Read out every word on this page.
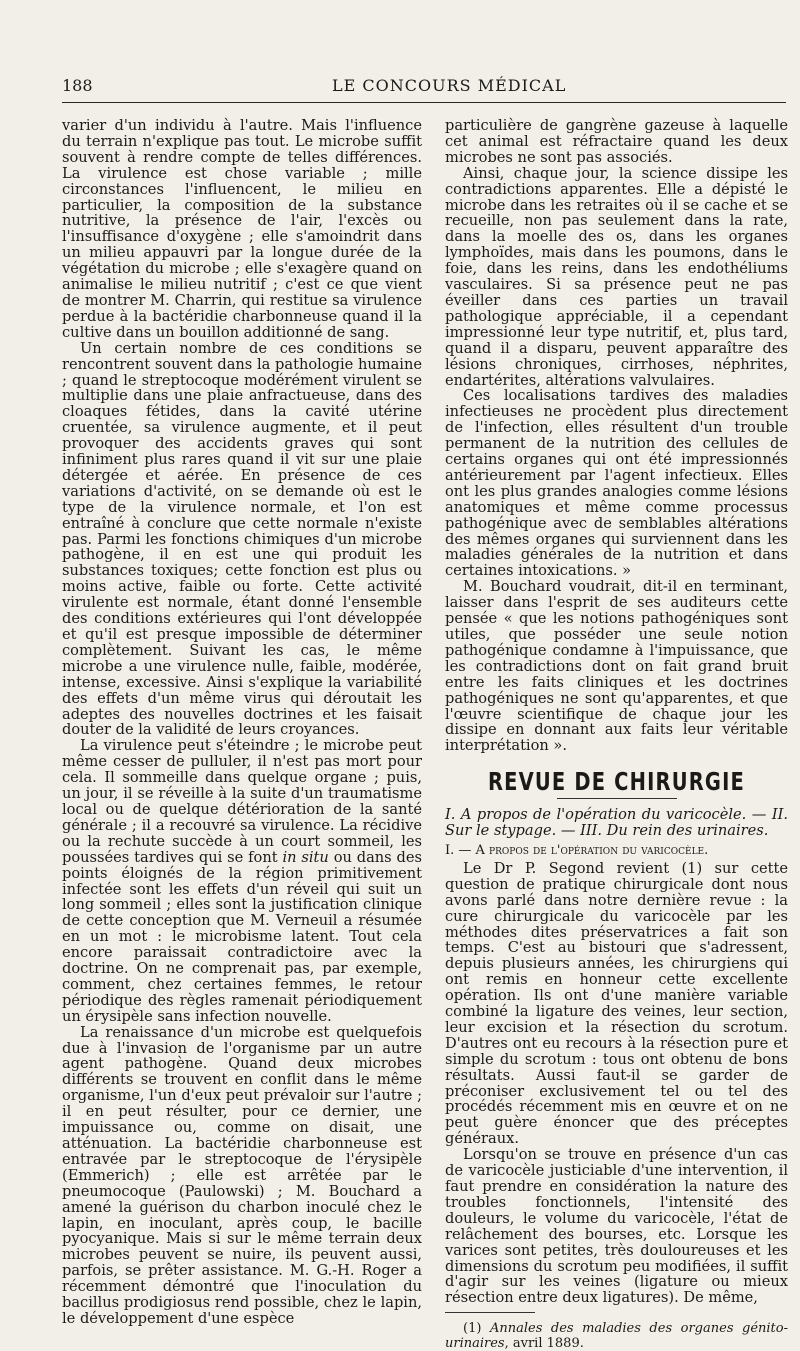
188	LE CONCOURS MÉDICAL

varier d'un individu à l'autre. Mais l'influence du terrain n'explique pas tout. Le microbe suffit souvent à rendre compte de telles différences. La virulence est chose variable ; mille circonstances l'influencent, le milieu en particulier, la composition de la substance nutritive, la présence de l'air, l'excès ou l'insuffisance d'oxygène ; elle s'amoindrit dans un milieu appauvri par la longue durée de la végétation du microbe ; elle s'exagère quand on animalise le milieu nutritif ; c'est ce que vient de montrer M. Charrin, qui restitue sa virulence perdue à la bactéridie charbonneuse quand il la cultive dans un bouillon additionné de sang.

Un certain nombre de ces conditions se rencontrent souvent dans la pathologie humaine ; quand le streptocoque modérément virulent se multiplie dans une plaie anfractueuse, dans des cloaques fétides, dans la cavité utérine cruentée, sa virulence augmente, et il peut provoquer des accidents graves qui sont infiniment plus rares quand il vit sur une plaie détergée et aérée. En présence de ces variations d'activité, on se demande où est le type de la virulence normale, et l'on est entraîné à conclure que cette normale n'existe pas. Parmi les fonctions chimiques d'un microbe pathogène, il en est une qui produit les substances toxiques; cette fonction est plus ou moins active, faible ou forte. Cette activité virulente est normale, étant donné l'ensemble des conditions extérieures qui l'ont développée et qu'il est presque impossible de déterminer complètement. Suivant les cas, le même microbe a une virulence nulle, faible, modérée, intense, excessive. Ainsi s'explique la variabilité des effets d'un même virus qui déroutait les adeptes des nouvelles doctrines et les faisait douter de la validité de leurs croyances.

La virulence peut s'éteindre ; le microbe peut même cesser de pulluler, il n'est pas mort pour cela. Il sommeille dans quelque organe ; puis, un jour, il se réveille à la suite d'un traumatisme local ou de quelque détérioration de la santé générale ; il a recouvré sa virulence. La récidive ou la rechute succède à un court sommeil, les poussées tardives qui se font in situ ou dans des points éloignés de la région primitivement infectée sont les effets d'un réveil qui suit un long sommeil ; elles sont la justification clinique de cette conception que M. Verneuil a résumée en un mot : le microbisme latent. Tout cela encore paraissait contradictoire avec la doctrine. On ne comprenait pas, par exemple, comment, chez certaines femmes, le retour périodique des règles ramenait périodiquement un érysipèle sans infection nouvelle.

La renaissance d'un microbe est quelquefois due à l'invasion de l'organisme par un autre agent pathogène. Quand deux microbes différents se trouvent en conflit dans le même organisme, l'un d'eux peut prévaloir sur l'autre ; il en peut résulter, pour ce dernier, une impuissance ou, comme on disait, une atténuation. La bactéridie charbonneuse est entravée par le streptocoque de l'érysipèle (Emmerich) ; elle est arrêtée par le pneumocoque (Paulowski) ; M. Bouchard a amené la guérison du charbon inoculé chez le lapin, en inoculant, après coup, le bacille pyocyanique. Mais si sur le même terrain deux microbes peuvent se nuire, ils peuvent aussi, parfois, se prêter assistance. M. G.-H. Roger a récemment démontré que l'inoculation du bacillus prodigiosus rend possible, chez le lapin, le développement d'une espèce

particulière de gangrène gazeuse à laquelle cet animal est réfractaire quand les deux microbes ne sont pas associés.

Ainsi, chaque jour, la science dissipe les contradictions apparentes. Elle a dépisté le microbe dans les retraites où il se cache et se recueille, non pas seulement dans la rate, dans la moelle des os, dans les organes lymphoïdes, mais dans les poumons, dans le foie, dans les reins, dans les endothéliums vasculaires. Si sa présence peut ne pas éveiller dans ces parties un travail pathologique appréciable, il a cependant impressionné leur type nutritif, et, plus tard, quand il a disparu, peuvent apparaître des lésions chroniques, cirrhoses, néphrites, endartérites, altérations valvulaires.

Ces localisations tardives des maladies infectieuses ne procèdent plus directement de l'infection, elles résultent d'un trouble permanent de la nutrition des cellules de certains organes qui ont été impressionnés antérieurement par l'agent infectieux. Elles ont les plus grandes analogies comme lésions anatomiques et même comme processus pathogénique avec de semblables altérations des mêmes organes qui surviennent dans les maladies générales de la nutrition et dans certaines intoxications. »

M. Bouchard voudrait, dit-il en terminant, laisser dans l'esprit de ses auditeurs cette pensée « que les notions pathogéniques sont utiles, que posséder une seule notion pathogénique condamne à l'impuissance, que les contradictions dont on fait grand bruit entre les faits cliniques et les doctrines pathogéniques ne sont qu'apparentes, et que l'œuvre scientifique de chaque jour les dissipe en donnant aux faits leur véritable interprétation ».

REVUE DE CHIRURGIE

I. A propos de l'opération du varicocèle. — II. Sur le stypage. — III. Du rein des urinaires.

I. — A propos de l'opération du varicocèle.

Le Dr P. Segond revient (1) sur cette question de pratique chirurgicale dont nous avons parlé dans notre dernière revue : la cure chirurgicale du varicocèle par les méthodes dites préservatrices a fait son temps. C'est au bistouri que s'adressent, depuis plusieurs années, les chirurgiens qui ont remis en honneur cette excellente opération. Ils ont d'une manière variable combiné la ligature des veines, leur section, leur excision et la résection du scrotum. D'autres ont eu recours à la résection pure et simple du scrotum : tous ont obtenu de bons résultats. Aussi faut-il se garder de préconiser exclusivement tel ou tel des procédés récemment mis en œuvre et on ne peut guère énoncer que des préceptes généraux.

Lorsqu'on se trouve en présence d'un cas de varicocèle justiciable d'une intervention, il faut prendre en considération la nature des troubles fonctionnels, l'intensité des douleurs, le volume du varicocèle, l'état de relâchement des bourses, etc. Lorsque les varices sont petites, très douloureuses et les dimensions du scrotum peu modifiées, il suffit d'agir sur les veines (ligature ou mieux résection entre deux ligatures). De même,

(1) Annales des maladies des organes génito-urinaires, avril 1889.
